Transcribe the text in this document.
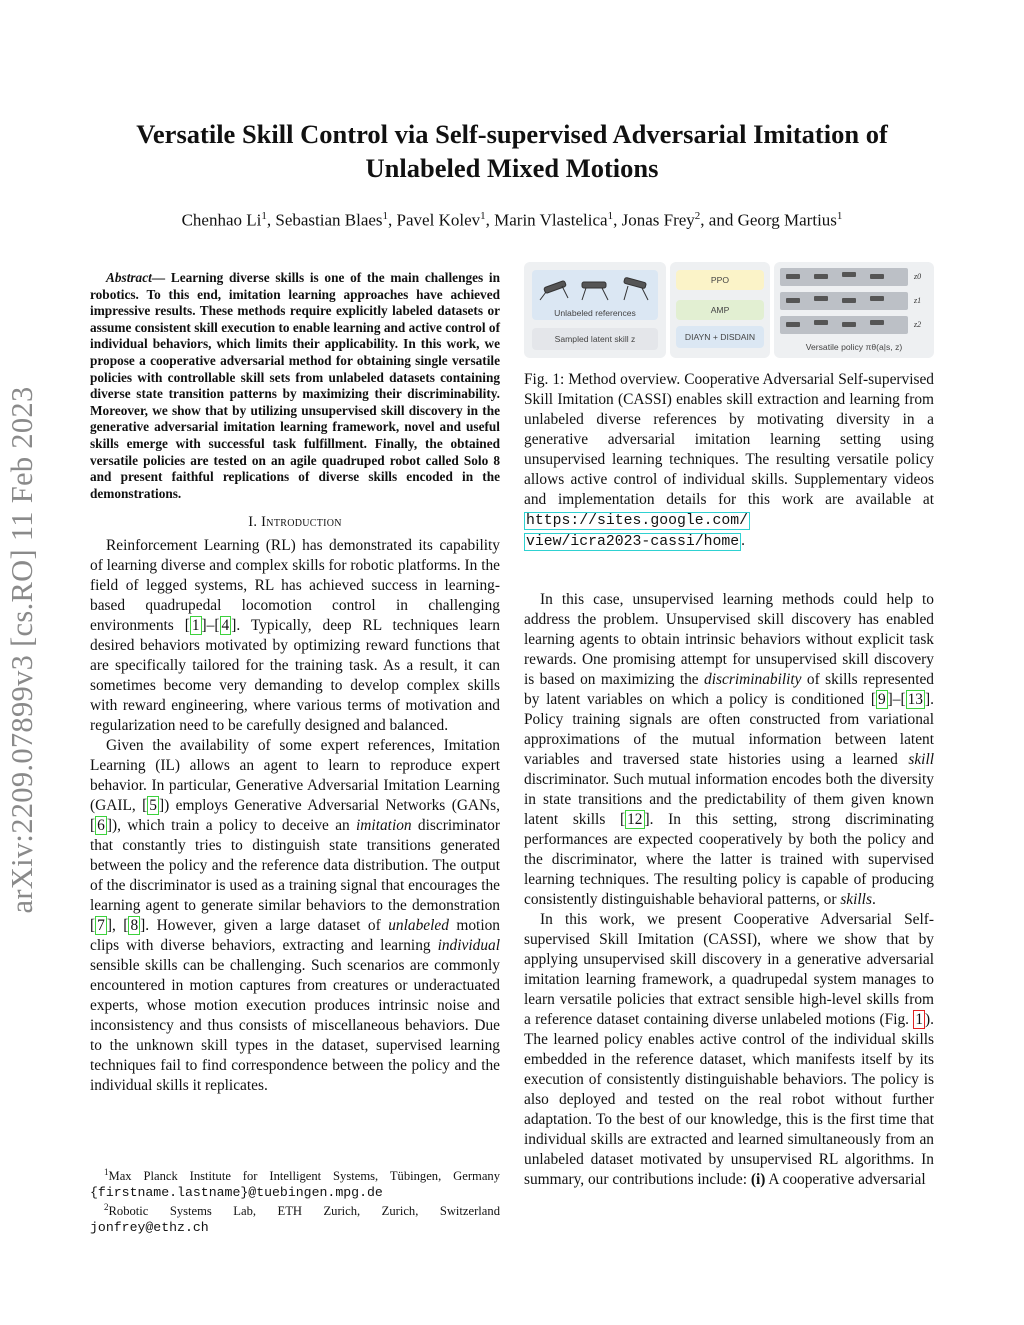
arXiv:2209.07899v3 [cs.RO] 11 Feb 2023
Versatile Skill Control via Self-supervised Adversarial Imitation of
Unlabeled Mixed Motions
Chenhao Li$^1$, Sebastian Blaes$^1$, Pavel Kolev$^1$, Marin Vlastelica$^1$, Jonas Frey$^2$, and Georg Martius$^1$
Abstract— Learning diverse skills is one of the main challenges in robotics. To this end, imitation learning approaches have achieved impressive results. These methods require explicitly labeled datasets or assume consistent skill execution to enable learning and active control of individual behaviors, which limits their applicability. In this work, we propose a cooperative adversarial method for obtaining single versatile policies with controllable skill sets from unlabeled datasets containing diverse state transition patterns by maximizing their discriminability. Moreover, we show that by utilizing unsupervised skill discovery in the generative adversarial imitation learning framework, novel and useful skills emerge with successful task fulfillment. Finally, the obtained versatile policies are tested on an agile quadruped robot called Solo 8 and present faithful replications of diverse skills encoded in the demonstrations.
I. Introduction

Reinforcement Learning (RL) has demonstrated its capability of learning diverse and complex skills for robotic platforms. In the field of legged systems, RL has achieved success in learning-based quadrupedal locomotion control in challenging environments [ 1 ]–[ 4 ]. Typically, deep RL techniques learn desired behaviors motivated by optimizing reward functions that are specifically tailored for the training task. As a result, it can sometimes become very demanding to develop complex skills with reward engineering, where various terms of motivation and regularization need to be carefully designed and balanced.

Given the availability of some expert references, Imitation Learning (IL) allows an agent to learn to reproduce expert behavior. In particular, Generative Adversarial Imitation Learning (GAIL, [ 5 ]) employs Generative Adversarial Networks (GANs, [ 6 ]), which train a policy to deceive an imitation discriminator that constantly tries to distinguish state transitions generated between the policy and the reference data distribution. The output of the discriminator is used as a training signal that encourages the learning agent to generate similar behaviors to the demonstration [ 7 ], [ 8 ]. However, given a large dataset of unlabeled motion clips with diverse behaviors, extracting and learning individual sensible skills can be challenging. Such scenarios are commonly encountered in motion captures from creatures or underactuated experts, whose motion execution produces intrinsic noise and inconsistency and thus consists of miscellaneous behaviors. Due to the unknown skill types in the dataset, supervised learning techniques fail to find correspondence between the policy and the individual skills it replicates.

$^1$Max Planck Institute for Intelligent Systems, Tübingen, Germany
{firstname.lastname}@tuebingen.mpg.de
$^2$Robotic Systems Lab, ETH Zurich, Zurich, Switzerland
jonfrey@ethz.ch
Unlabeled references
Sampled latent skill z
PPO
AMP
DIAYN + DISDAIN
z0
z1
z2
Versatile policy πθ(a|s, z)
Fig. 1: Method overview. Cooperative Adversarial Self-supervised Skill Imitation (CASSI) enables skill extraction and learning from unlabeled diverse references by motivating diversity in a generative adversarial imitation learning setting using unsupervised learning techniques. The resulting versatile policy allows active control of individual skills. Supplementary videos and implementation details for this work are available at https://sites.google.com/
view/icra2023-cassi/home .

In this case, unsupervised learning methods could help to address the problem. Unsupervised skill discovery has enabled learning agents to obtain intrinsic behaviors without explicit task rewards. One promising attempt for unsupervised skill discovery is based on maximizing the discriminability of skills represented by latent variables on which a policy is conditioned [ 9 ]–[ 13 ]. Policy training signals are often constructed from variational approximations of the mutual information between latent variables and traversed state histories using a learned skill discriminator. Such mutual information encodes both the diversity in state transitions and the predictability of them given known latent skills [ 12 ]. In this setting, strong discriminating performances are expected cooperatively by both the policy and the discriminator, where the latter is trained with supervised learning techniques. The resulting policy is capable of producing consistently distinguishable behavioral patterns, or skills.

In this work, we present Cooperative Adversarial Self-supervised Skill Imitation (CASSI), where we show that by applying unsupervised skill discovery in a generative adversarial imitation learning framework, a quadrupedal system manages to learn versatile policies that extract sensible high-level skills from a reference dataset containing diverse unlabeled motions (Fig. 1 ). The learned policy enables active control of the individual skills embedded in the reference dataset, which manifests itself by its execution of consistently distinguishable behaviors. The policy is also deployed and tested on the real robot without further adaptation. To the best of our knowledge, this is the first time that individual skills are extracted and learned simultaneously from an unlabeled dataset motivated by unsupervised RL algorithms. In summary, our contributions include: (i) A cooperative adversarial
